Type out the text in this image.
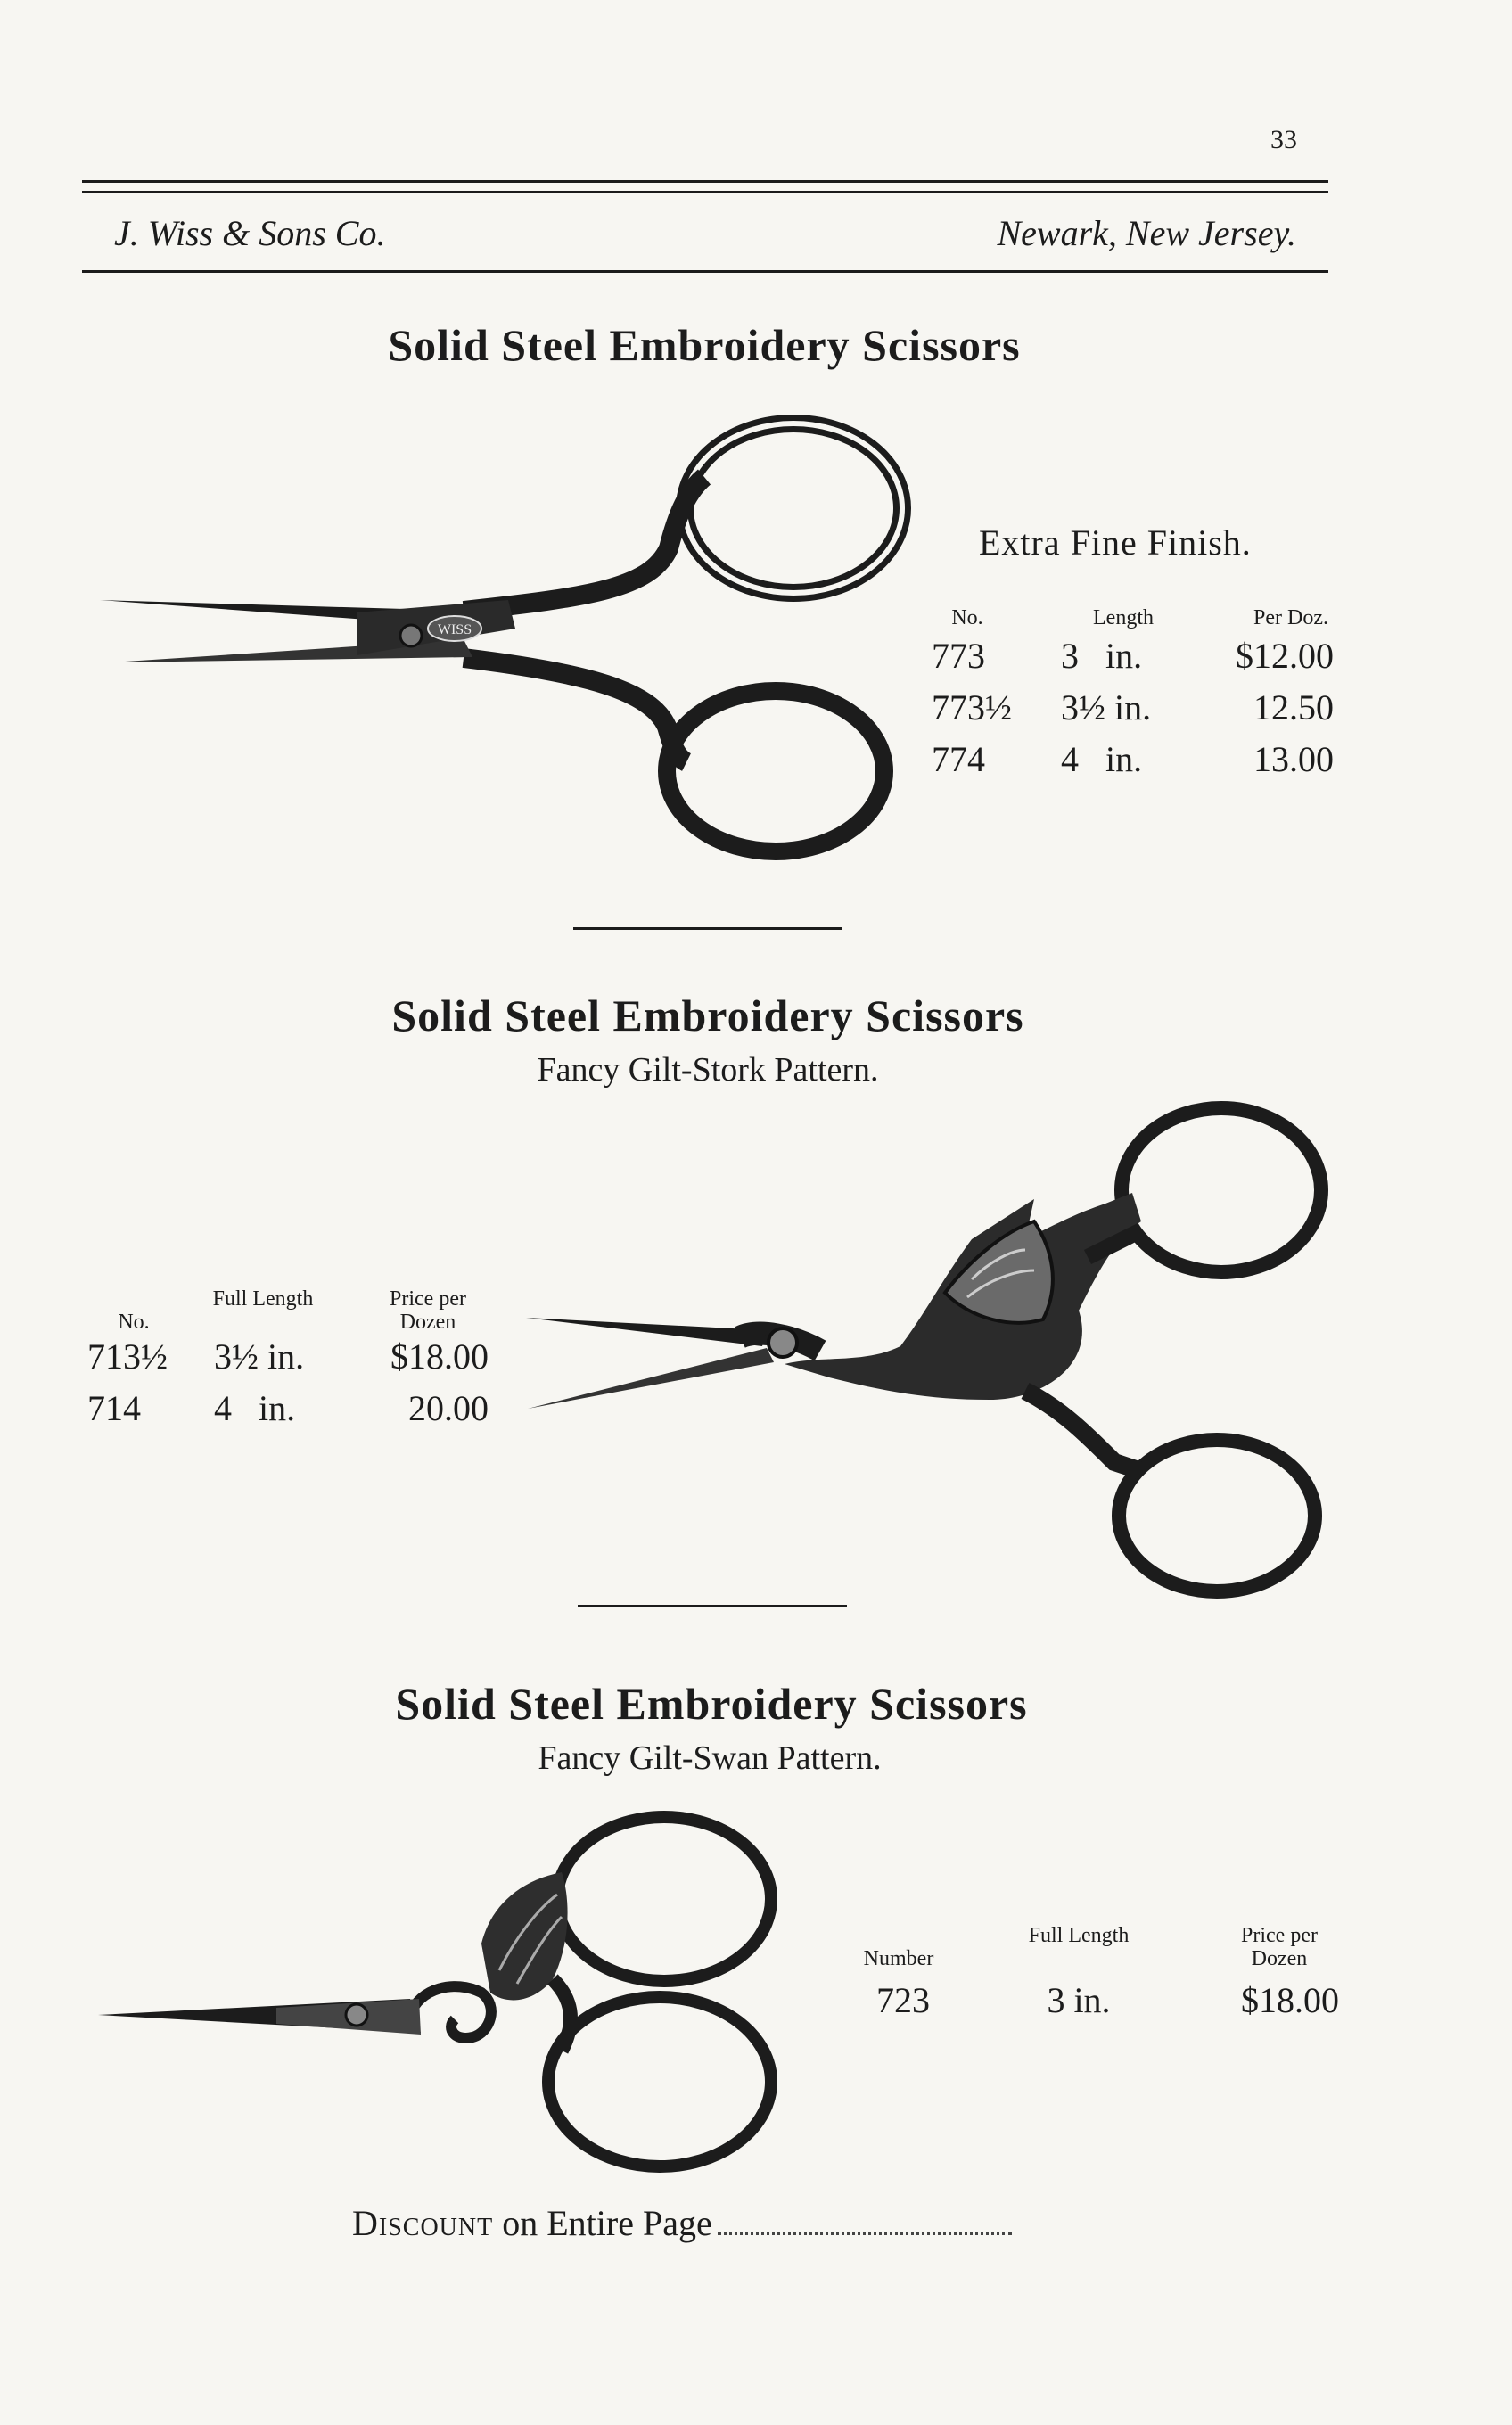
33
J. Wiss & Sons Co.	Newark, New Jersey.
Solid Steel Embroidery Scissors
WISS
Extra Fine Finish.
No.	Length	Per Doz.
773 3   in.	$12.00
773½ 3½ in.	12.50
774 4   in.	13.00
Solid Steel Embroidery Scissors
Fancy Gilt-Stork Pattern.
No.
Full Length	Price per Dozen
713½ 3½ in.	$18.00
714 4   in.	20.00
Solid Steel Embroidery Scissors
Fancy Gilt-Swan Pattern.
Number
Full Length	Price per Dozen
723	3 in.	$18.00
Discount on Entire Page
